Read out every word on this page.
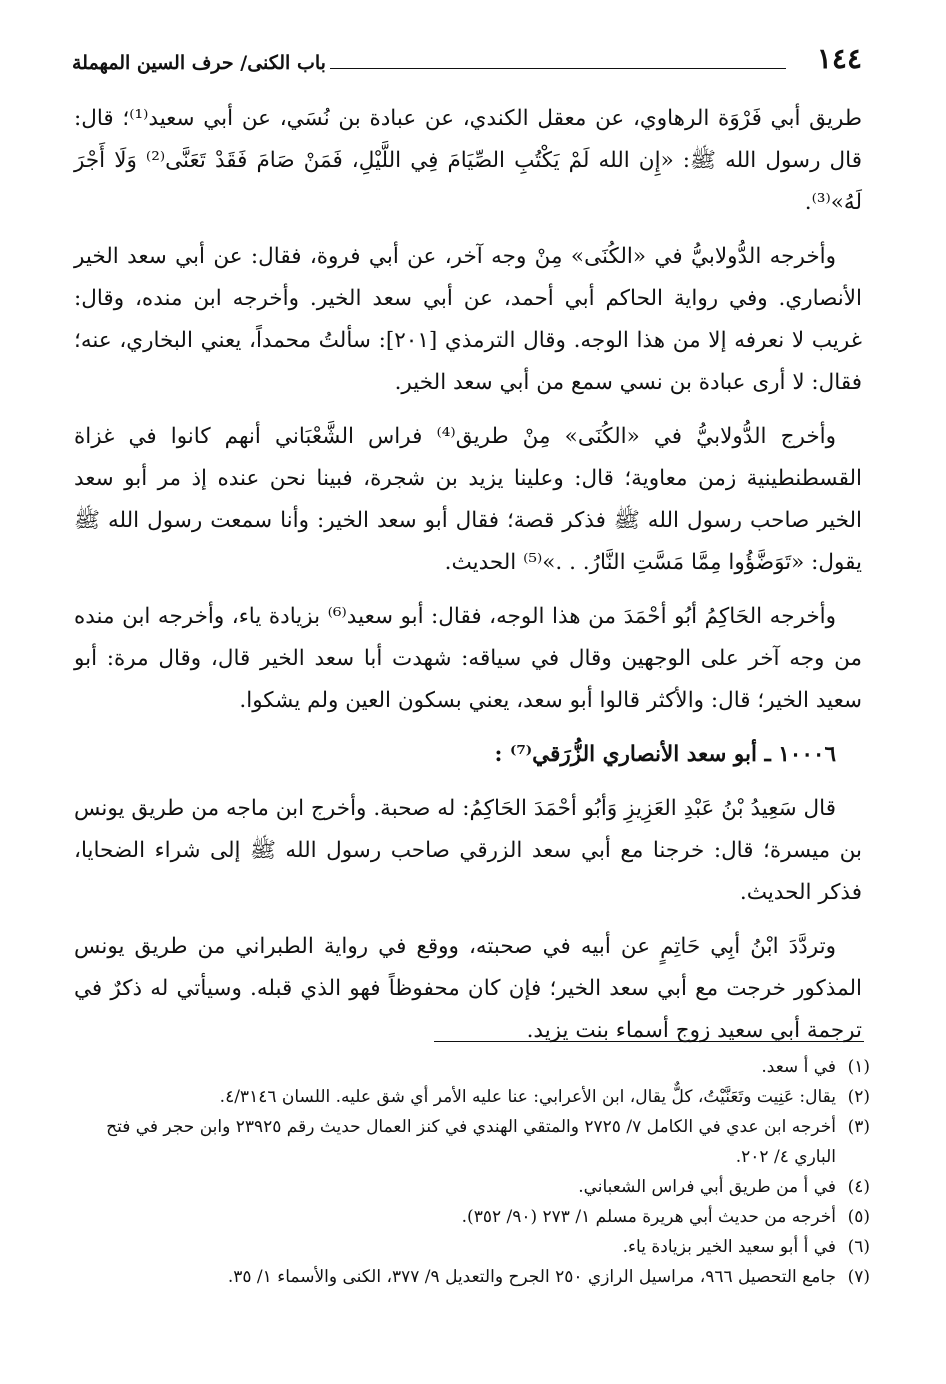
١٤٤
باب الكنى/ حرف السين المهملة

طريق أبي فَرْوَة الرهاوي، عن معقل الكندي، عن عبادة بن نُسَي، عن أبي سعيد⁽¹⁾؛ قال: قال رسول الله ﷺ: «إِن الله لَمْ يَكْتُبِ الصِّيَامَ فِي اللَّيْلِ، فَمَنْ صَامَ فَقَدْ تَعَنَّى⁽²⁾ وَلَا أَجْرَ لَهُ»⁽³⁾.

وأخرجه الدُّولابيُّ في «الكُنَى» مِنْ وجه آخر، عن أبي فروة، فقال: عن أبي سعد الخير الأنصاري. وفي رواية الحاكم أبي أحمد، عن أبي سعد الخير. وأخرجه ابن منده، وقال: غريب لا نعرفه إلا من هذا الوجه. وقال الترمذي [٢٠١]: سألتُ محمداً، يعني البخاري، عنه؛ فقال: لا أرى عبادة بن نسي سمع من أبي سعد الخير.

وأخرج الدُّولابيُّ في «الكُنَى» مِنْ طريق⁽⁴⁾ فراس الشَّعْبَاني أنهم كانوا في غزاة القسطنطينية زمن معاوية؛ قال: وعلينا يزيد بن شجرة، فبينا نحن عنده إذ مر أبو سعد الخير صاحب رسول الله ﷺ فذكر قصة؛ فقال أبو سعد الخير: وأنا سمعت رسول الله ﷺ يقول: «تَوَضَّؤُوا مِمَّا مَسَّتِ النَّارُ. . .»⁽⁵⁾ الحديث.

وأخرجه الحَاكِمُ أبُو أحْمَدَ من هذا الوجه، فقال: أبو سعيد⁽⁶⁾ بزيادة ياء، وأخرجه ابن منده من وجه آخر على الوجهين وقال في سياقه: شهدت أبا سعد الخير قال، وقال مرة: أبو سعيد الخير؛ قال: والأكثر قالوا أبو سعد، يعني بسكون العين ولم يشكوا.

١٠٠٠٦ ـ أبو سعد الأنصاري الزُّرَقي⁽⁷⁾ :

قال سَعِيدُ بْنُ عَبْدِ العَزِيزِ وَأبُو أحْمَدَ الحَاكِمُ: له صحبة. وأخرج ابن ماجه من طريق يونس بن ميسرة؛ قال: خرجنا مع أبي سعد الزرقي صاحب رسول الله ﷺ إلى شراء الضحايا، فذكر الحديث.

وتردَّدَ ابْنُ أبِي حَاتِمٍ عن أبيه في صحبته، ووقع في رواية الطبراني من طريق يونس المذكور خرجت مع أبي سعد الخير؛ فإن كان محفوظاً فهو الذي قبله. وسيأتي له ذكرٌ في ترجمة أبي سعيد زوج أسماء بنت يزيد.

(١)في أ سعد.

(٢)يقال: عَنِيت وتَعَنَّيْتُ، كلٌّ يقال، ابن الأعرابي: عنا عليه الأمر أي شق عليه. اللسان ٤/٣١٤٦.

(٣)أخرجه ابن عدي في الكامل ٧/ ٢٧٢٥ والمتقي الهندي في كنز العمال حديث رقم ٢٣٩٢٥ وابن حجر في فتح الباري ٤/ ٢٠٢.

(٤)في أ من طريق أبي فراس الشعباني.

(٥)أخرجه من حديث أبي هريرة مسلم ١/ ٢٧٣ (٩٠/ ٣٥٢).

(٦)في أ أبو سعيد الخير بزيادة ياء.

(٧)جامع التحصيل ٩٦٦، مراسيل الرازي ٢٥٠ الجرح والتعديل ٩/ ٣٧٧، الكنى والأسماء ١/ ٣٥.
